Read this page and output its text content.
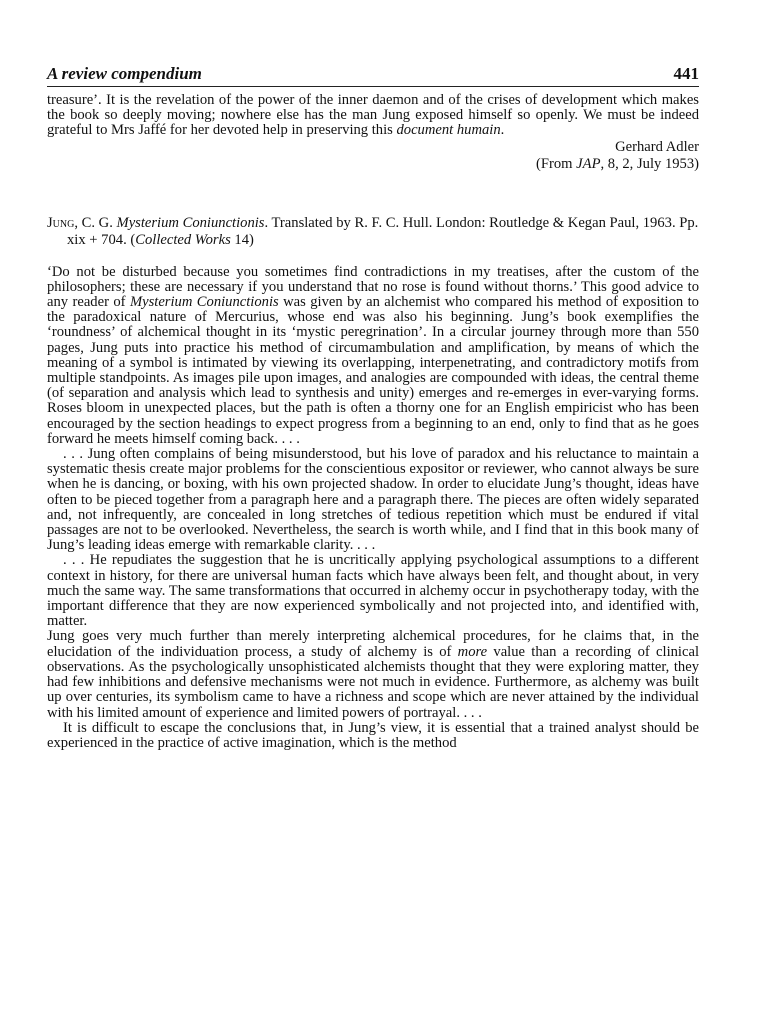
A review compendium	441

treasure’. It is the revelation of the power of the inner daemon and of the crises of development which makes the book so deeply moving; nowhere else has the man Jung exposed himself so openly. We must be indeed grateful to Mrs Jaffé for her devoted help in preserving this document humain.

Gerhard Adler
(From JAP, 8, 2, July 1953)
Jung, C. G. Mysterium Coniunctionis. Translated by R. F. C. Hull. London: Routledge & Kegan Paul, 1963. Pp. xix + 704. (Collected Works 14)

‘Do not be disturbed because you sometimes find contradictions in my treatises, after the custom of the philosophers; these are necessary if you understand that no rose is found without thorns.’ This good advice to any reader of Mysterium Coniunctionis was given by an alchemist who compared his method of exposition to the paradoxical nature of Mercurius, whose end was also his beginning. Jung’s book exemplifies the ‘roundness’ of alchemical thought in its ‘mystic peregrination’. In a circular journey through more than 550 pages, Jung puts into practice his method of circumambulation and amplification, by means of which the meaning of a symbol is intimated by viewing its overlapping, interpenetrating, and contradictory motifs from multiple standpoints. As images pile upon images, and analogies are compounded with ideas, the central theme (of separation and analysis which lead to synthesis and unity) emerges and re-emerges in ever-varying forms. Roses bloom in unexpected places, but the path is often a thorny one for an English empiricist who has been encouraged by the section headings to expect progress from a beginning to an end, only to find that as he goes forward he meets himself coming back. . . .

. . . Jung often complains of being misunderstood, but his love of paradox and his reluctance to maintain a systematic thesis create major problems for the conscientious expositor or reviewer, who cannot always be sure when he is dancing, or boxing, with his own projected shadow. In order to elucidate Jung’s thought, ideas have often to be pieced together from a paragraph here and a paragraph there. The pieces are often widely separated and, not infrequently, are concealed in long stretches of tedious repetition which must be endured if vital passages are not to be overlooked. Nevertheless, the search is worth while, and I find that in this book many of Jung’s leading ideas emerge with remarkable clarity. . . .

. . . He repudiates the suggestion that he is uncritically applying psychological assumptions to a different context in history, for there are universal human facts which have always been felt, and thought about, in very much the same way. The same transformations that occurred in alchemy occur in psychotherapy today, with the important difference that they are now experienced symbolically and not projected into, and identified with, matter.

Jung goes very much further than merely interpreting alchemical procedures, for he claims that, in the elucidation of the individuation process, a study of alchemy is of more value than a recording of clinical observations. As the psychologically unsophisticated alchemists thought that they were exploring matter, they had few inhibitions and defensive mechanisms were not much in evidence. Furthermore, as alchemy was built up over centuries, its symbolism came to have a richness and scope which are never attained by the individual with his limited amount of experience and limited powers of portrayal. . . .

It is difficult to escape the conclusions that, in Jung’s view, it is essential that a trained analyst should be experienced in the practice of active imagination, which is the method
